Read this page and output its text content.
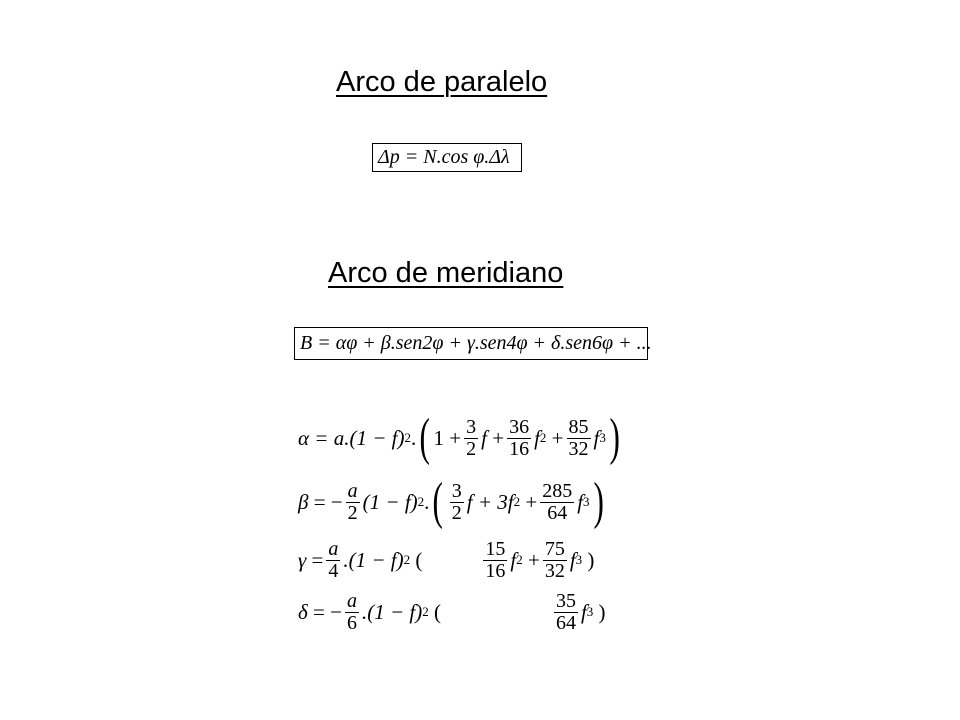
Arco de paralelo
Δp = N.cos φ.Δλ
Arco de meridiano
B = αφ + β.sen2φ + γ.sen4φ + δ.sen6φ + ...
α
= a.(1 − f) 2 . ( $1 + \frac{3}{2}$ $f + \frac{36}{16}$ f $2 + \frac{85}{32}$ f 3 )
β
= − $\frac{a}{2} (1 - f)$ 2 . ( $\frac{3}{2}$ f
+ 3f $2 + \frac{285}{64}$ f 3 )
γ
= $\frac{a}{4} .(1 - f)$ 2 (	$\frac{15}{16}$ f $2 + \frac{75}{32}$ f 3 )
δ
= − $\frac{a}{6} .(1 - f)$ 2 (	$\frac{35}{64}$ f 3 )
